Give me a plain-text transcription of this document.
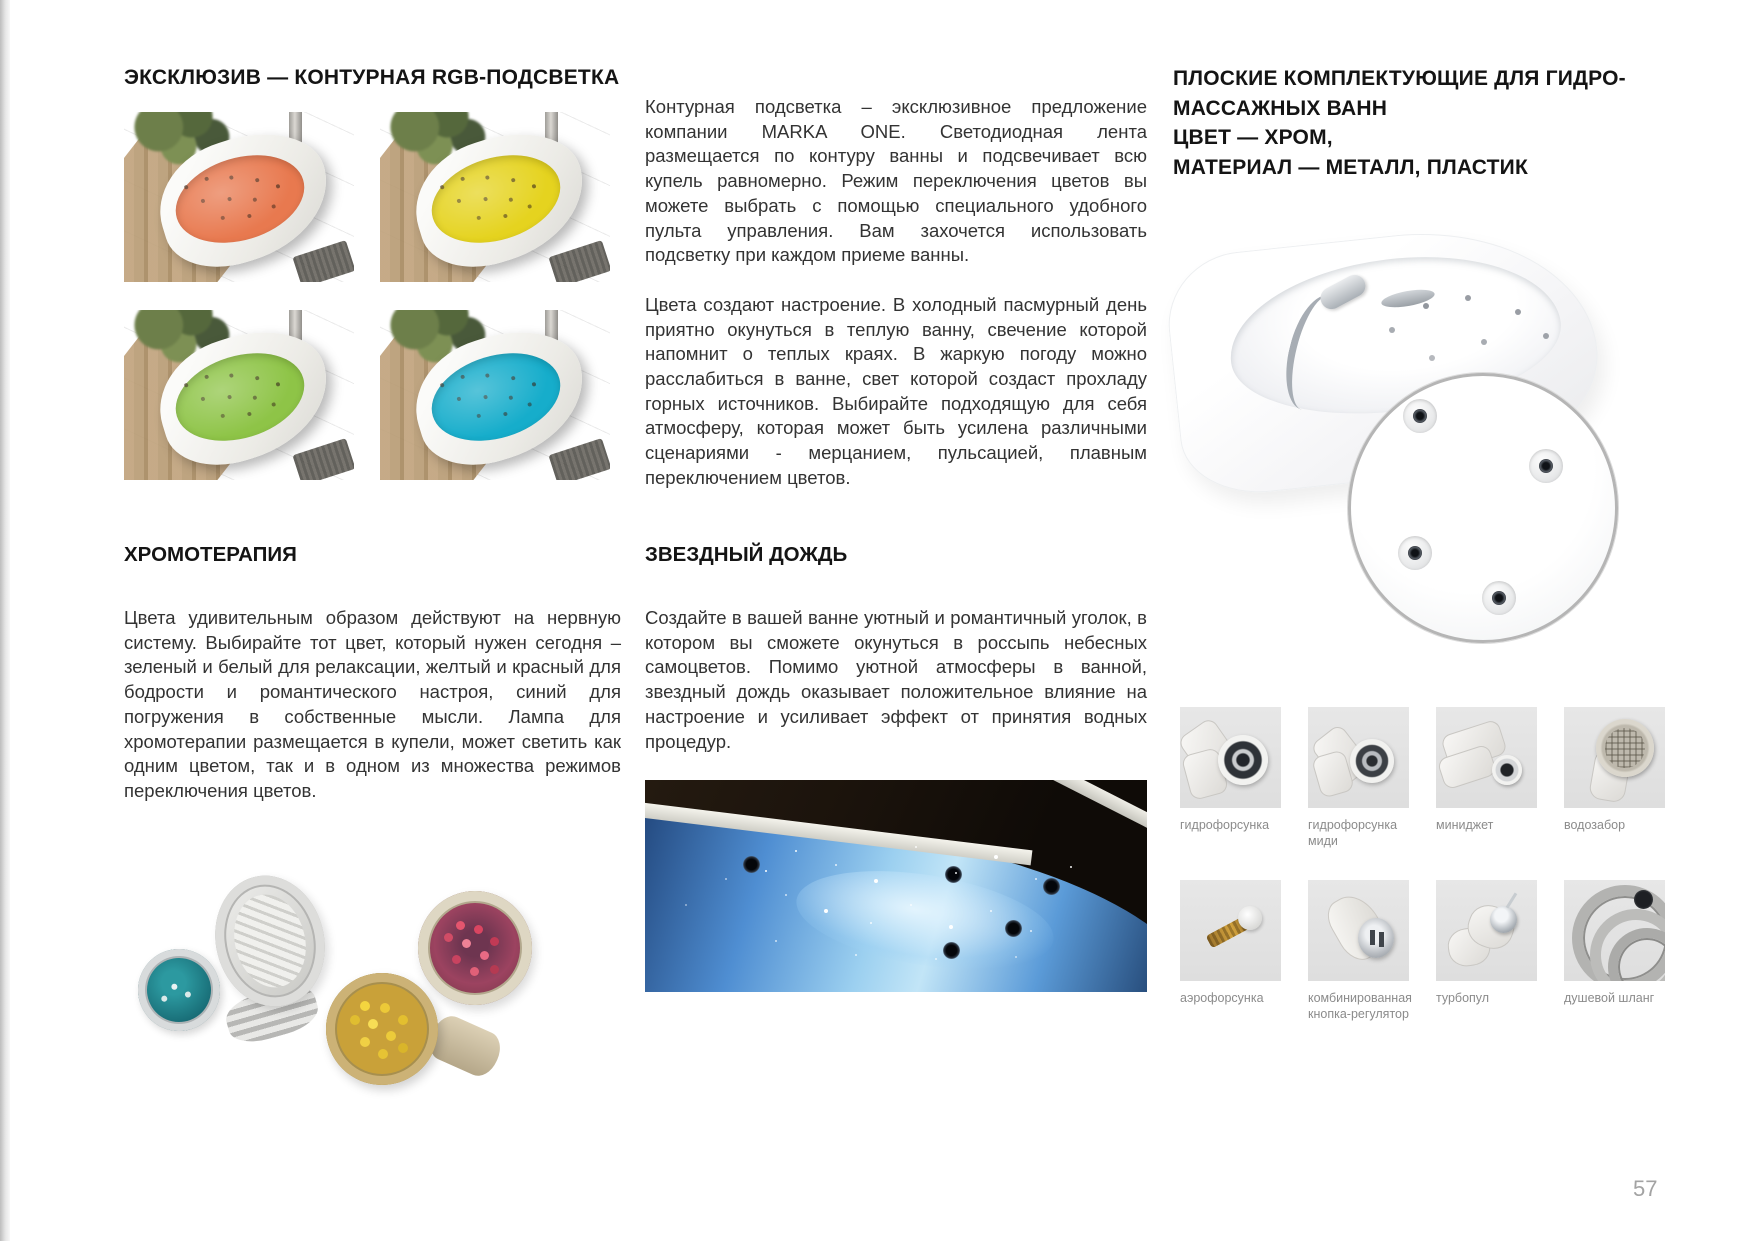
ЭКСКЛЮЗИВ — КОНТУРНАЯ RGB-ПОДСВЕТКА

Контурная подсветка – эксклюзивное предложение компании MARKA ONE. Светодиодная лента размещается по контуру ванны и подсвечивает всю купель равномерно. Режим переключения цветов вы можете выбрать с помощью специального удобного пульта управления. Вам захочется использовать подсветку при каждом приеме ванны.

Цвета создают настроение. В холодный пасмурный день приятно окунуться в теплую ванну, свечение которой напомнит о теплых краях. В жаркую погоду можно расслабиться в ванне, свет которой создаст прохладу горных источников. Выбирайте подходящую для себя атмосферу, которая может быть усилена различными сценариями - мерцанием, пульсацией, плавным переключением цветов.

ХРОМОТЕРАПИЯ	ЗВЕЗДНЫЙ ДОЖДЬ
Цвета удивительным образом действуют на нервную систему. Выбирайте тот цвет, который нужен сегодня – зеленый и белый для релаксации, желтый и красный для бодрости и романтического настроя, синий для погружения в собственные мысли. Лампа для хромотерапии размещается в купели, может светить как одним цветом, так и в одном из множества режимов переключения цветов.
Создайте в вашей ванне уютный и романтичный уголок, в котором вы сможете окунуться в россыпь небесных самоцветов. Помимо уютной атмосферы в ванной, звездный дождь оказывает положительное влияние на настроение и усиливает эффект от принятия водных процедур.
ПЛОСКИЕ КОМПЛЕКТУЮЩИЕ ДЛЯ ГИДРО-
МАССАЖНЫХ ВАНН
ЦВЕТ — ХРОМ,
МАТЕРИАЛ — МЕТАЛЛ, ПЛАСТИК
гидрофорсунка	гидрофорсунка миди
миниджет	водозабор
аэрофорсунка	комбинированная кнопка-регулятор
турбопул	душевой шланг
57
